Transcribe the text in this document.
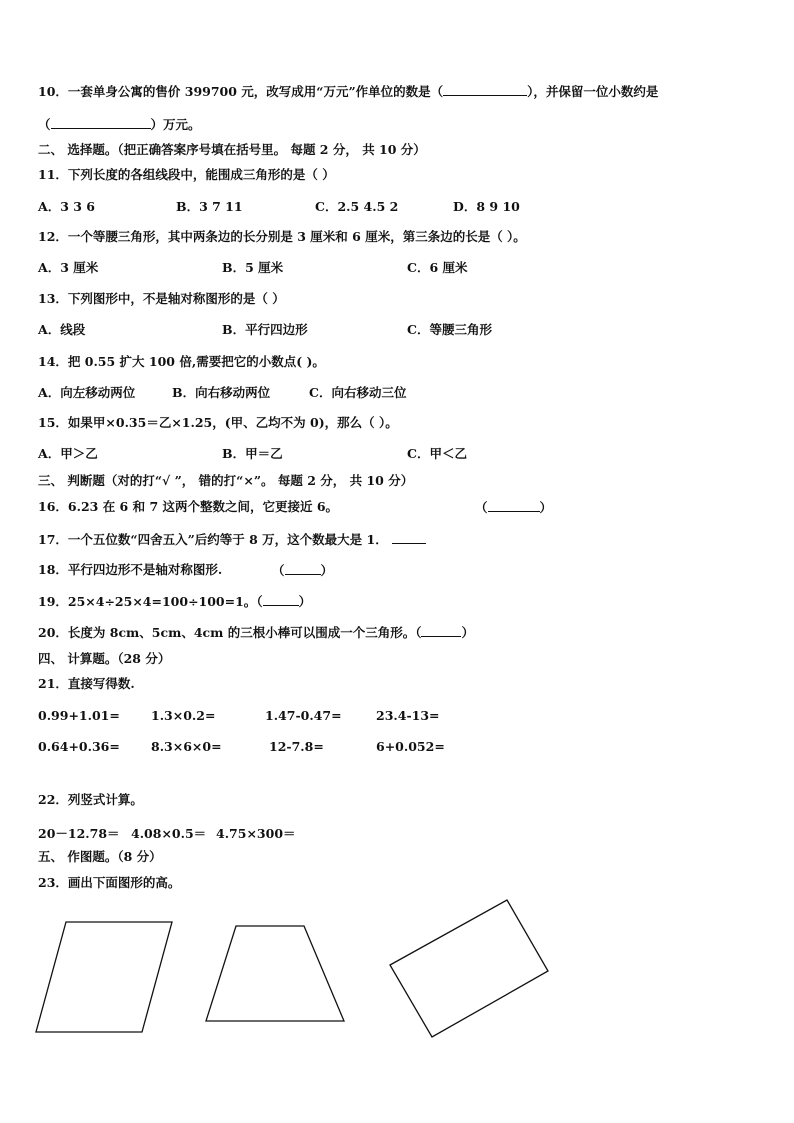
10．一套单身公寓的售价 399700 元，改写成用“万元”作单位的数是（	），并保留一位小数约是
（	）万元。
二、 选择题。（把正确答案序号填在括号里。 每题 2 分， 共 10 分）
11．下列长度的各组线段中，能围成三角形的是（ ）
A．3 3 6	B．3 7 11	C．2.5 4.5 2	D．8 9 10
12．一个等腰三角形，其中两条边的长分别是 3 厘米和 6 厘米，第三条边的长是（ ）。
A．3 厘米	B．5 厘米	C．6 厘米
13．下列图形中，不是轴对称图形的是（ ）
A．线段	B．平行四边形	C．等腰三角形
14．把 0.55 扩大 100 倍,需要把它的小数点( )。
A．向左移动两位	B．向右移动两位	C．向右移动三位
15．如果甲×0.35＝乙×1.25，(甲、乙均不为 0)，那么（ ）。
A．甲＞乙	B．甲＝乙	C．甲＜乙
三、 判断题（对的打“√ ”， 错的打“×”。 每题 2 分， 共 10 分）
16．6.23 在 6 和 7 这两个整数之间，它更接近 6。	（	）
17．一个五位数“四舍五入”后约等于 8 万，这个数最大是 1．
18．平行四边形不是轴对称图形.	（	）
19．25×4÷25×4=100÷100=1。（	）
20．长度为 8cm、5cm、4cm 的三根小棒可以围成一个三角形。（	）
四、 计算题。（28 分）
21．直接写得数.
0.99+1.01= 1.3×0.2=	1.47-0.47=	23.4-13=
0.64+0.36= 8.3×6×0=	12-7.8=	6+0.052=
22．列竖式计算。
20－12.78＝ 4.08×0.5＝ 4.75×300＝
五、 作图题。（8 分）
23．画出下面图形的高。
